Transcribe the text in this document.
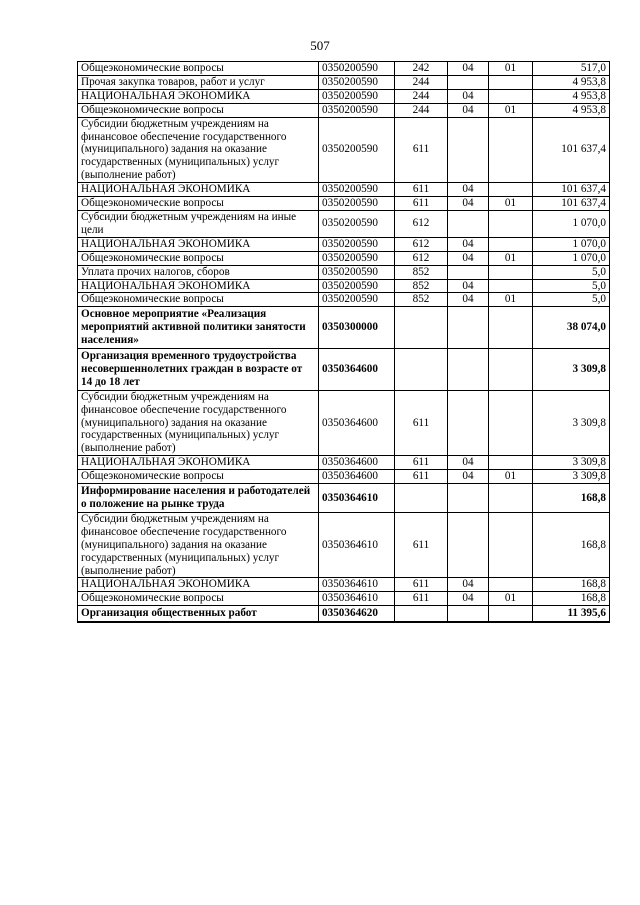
507
Общеэкономические вопросы	0350200590	242	04	01	517,0
Прочая закупка товаров, работ и услуг	0350200590	244			4 953,8
НАЦИОНАЛЬНАЯ ЭКОНОМИКА	0350200590	244	04		4 953,8
Общеэкономические вопросы	0350200590	244	04	01	4 953,8
Субсидии бюджетным учреждениям на финансовое обеспечение государственного (муниципального) задания на оказание государственных (муниципальных) услуг (выполнение работ)	0350200590	611			101 637,4
НАЦИОНАЛЬНАЯ ЭКОНОМИКА	0350200590	611	04		101 637,4
Общеэкономические вопросы	0350200590	611	04	01	101 637,4
Субсидии бюджетным учреждениям на иные цели	0350200590	612			1 070,0
НАЦИОНАЛЬНАЯ ЭКОНОМИКА	0350200590	612	04		1 070,0
Общеэкономические вопросы	0350200590	612	04	01	1 070,0
Уплата прочих налогов, сборов	0350200590	852			5,0
НАЦИОНАЛЬНАЯ ЭКОНОМИКА	0350200590	852	04		5,0
Общеэкономические вопросы	0350200590	852	04	01	5,0
Основное мероприятие «Реализация мероприятий активной политики занятости населения»	0350300000				38 074,0
Организация временного трудоустройства несовершеннолетних граждан в возрасте от 14 до 18 лет	0350364600				3 309,8
Субсидии бюджетным учреждениям на финансовое обеспечение государственного (муниципального) задания на оказание государственных (муниципальных) услуг (выполнение работ)	0350364600	611			3 309,8
НАЦИОНАЛЬНАЯ ЭКОНОМИКА	0350364600	611	04		3 309,8
Общеэкономические вопросы	0350364600	611	04	01	3 309,8
Информирование населения и работодателей о положение на рынке труда	0350364610				168,8
Субсидии бюджетным учреждениям на финансовое обеспечение государственного (муниципального) задания на оказание государственных (муниципальных) услуг (выполнение работ)	0350364610	611			168,8
НАЦИОНАЛЬНАЯ ЭКОНОМИКА	0350364610	611	04		168,8
Общеэкономические вопросы	0350364610	611	04	01	168,8
Организация общественных работ	0350364620				11 395,6
